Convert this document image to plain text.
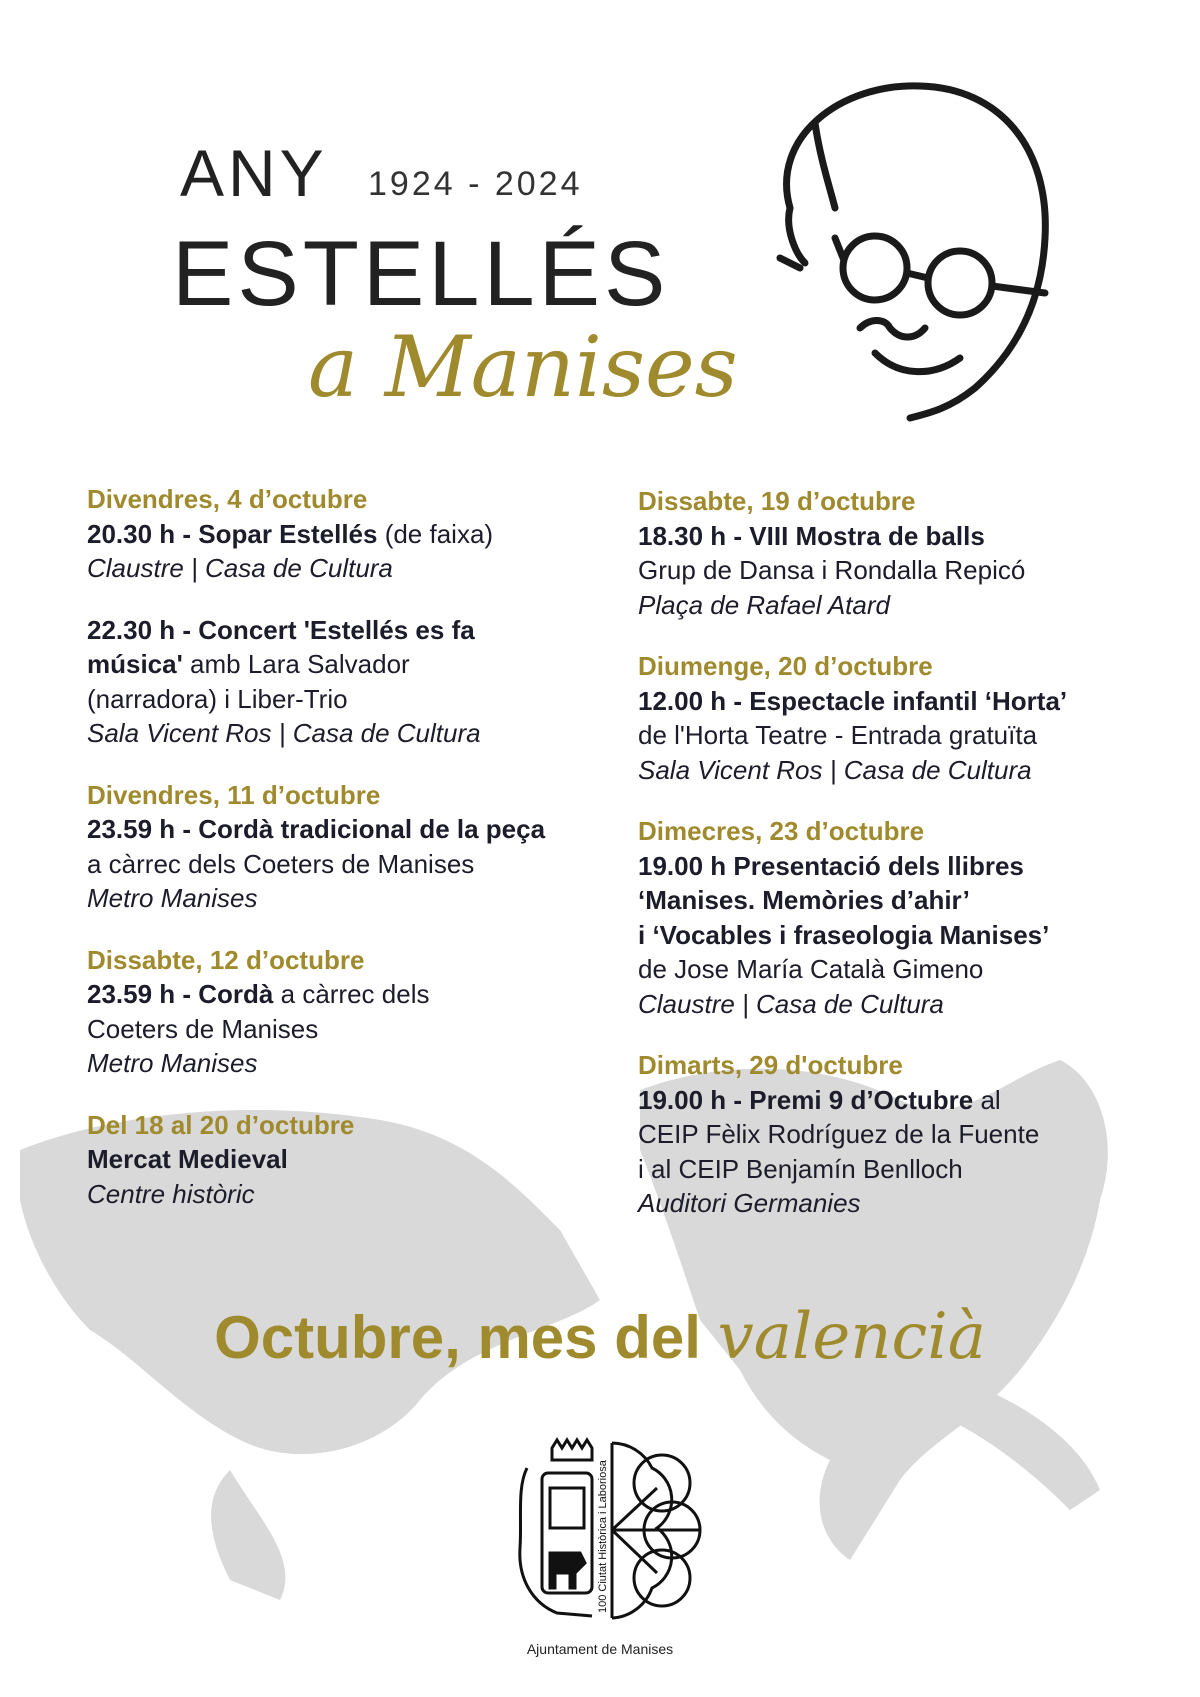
ANY 1924 - 2024
ESTELLÉS
a Manises
Divendres, 4 d’octubre
20.30 h - Sopar Estellés (de faixa)
Claustre | Casa de Cultura
22.30 h - Concert 'Estellés es fa
música' amb Lara Salvador
(narradora) i Liber-Trio
Sala Vicent Ros | Casa de Cultura
Divendres, 11 d’octubre
23.59 h - Cordà tradicional de la peça
a càrrec dels Coeters de Manises
Metro Manises
Dissabte, 12 d’octubre
23.59 h - Cordà a càrrec dels
Coeters de Manises
Metro Manises
Del 18 al 20 d’octubre
Mercat Medieval
Centre històric
Dissabte, 19 d’octubre
18.30 h - VIII Mostra de balls
Grup de Dansa i Rondalla Repicó
Plaça de Rafael Atard
Diumenge, 20 d’octubre
12.00 h - Espectacle infantil ‘Horta’
de l'Horta Teatre - Entrada gratuïta
Sala Vicent Ros | Casa de Cultura
Dimecres, 23 d’octubre
19.00 h Presentació dels llibres
‘Manises. Memòries d’ahir’
i ‘Vocables i fraseologia Manises’
de Jose María Català Gimeno
Claustre | Casa de Cultura
Dimarts, 29 d'octubre
19.00 h - Premi 9 d’Octubre al
CEIP Fèlix Rodríguez de la Fuente
i al CEIP Benjamín Benlloch
Auditori Germanies
Octubre, mes del valencià
100 Ciutat Històrica i Laboriosa
Ajuntament de Manises
